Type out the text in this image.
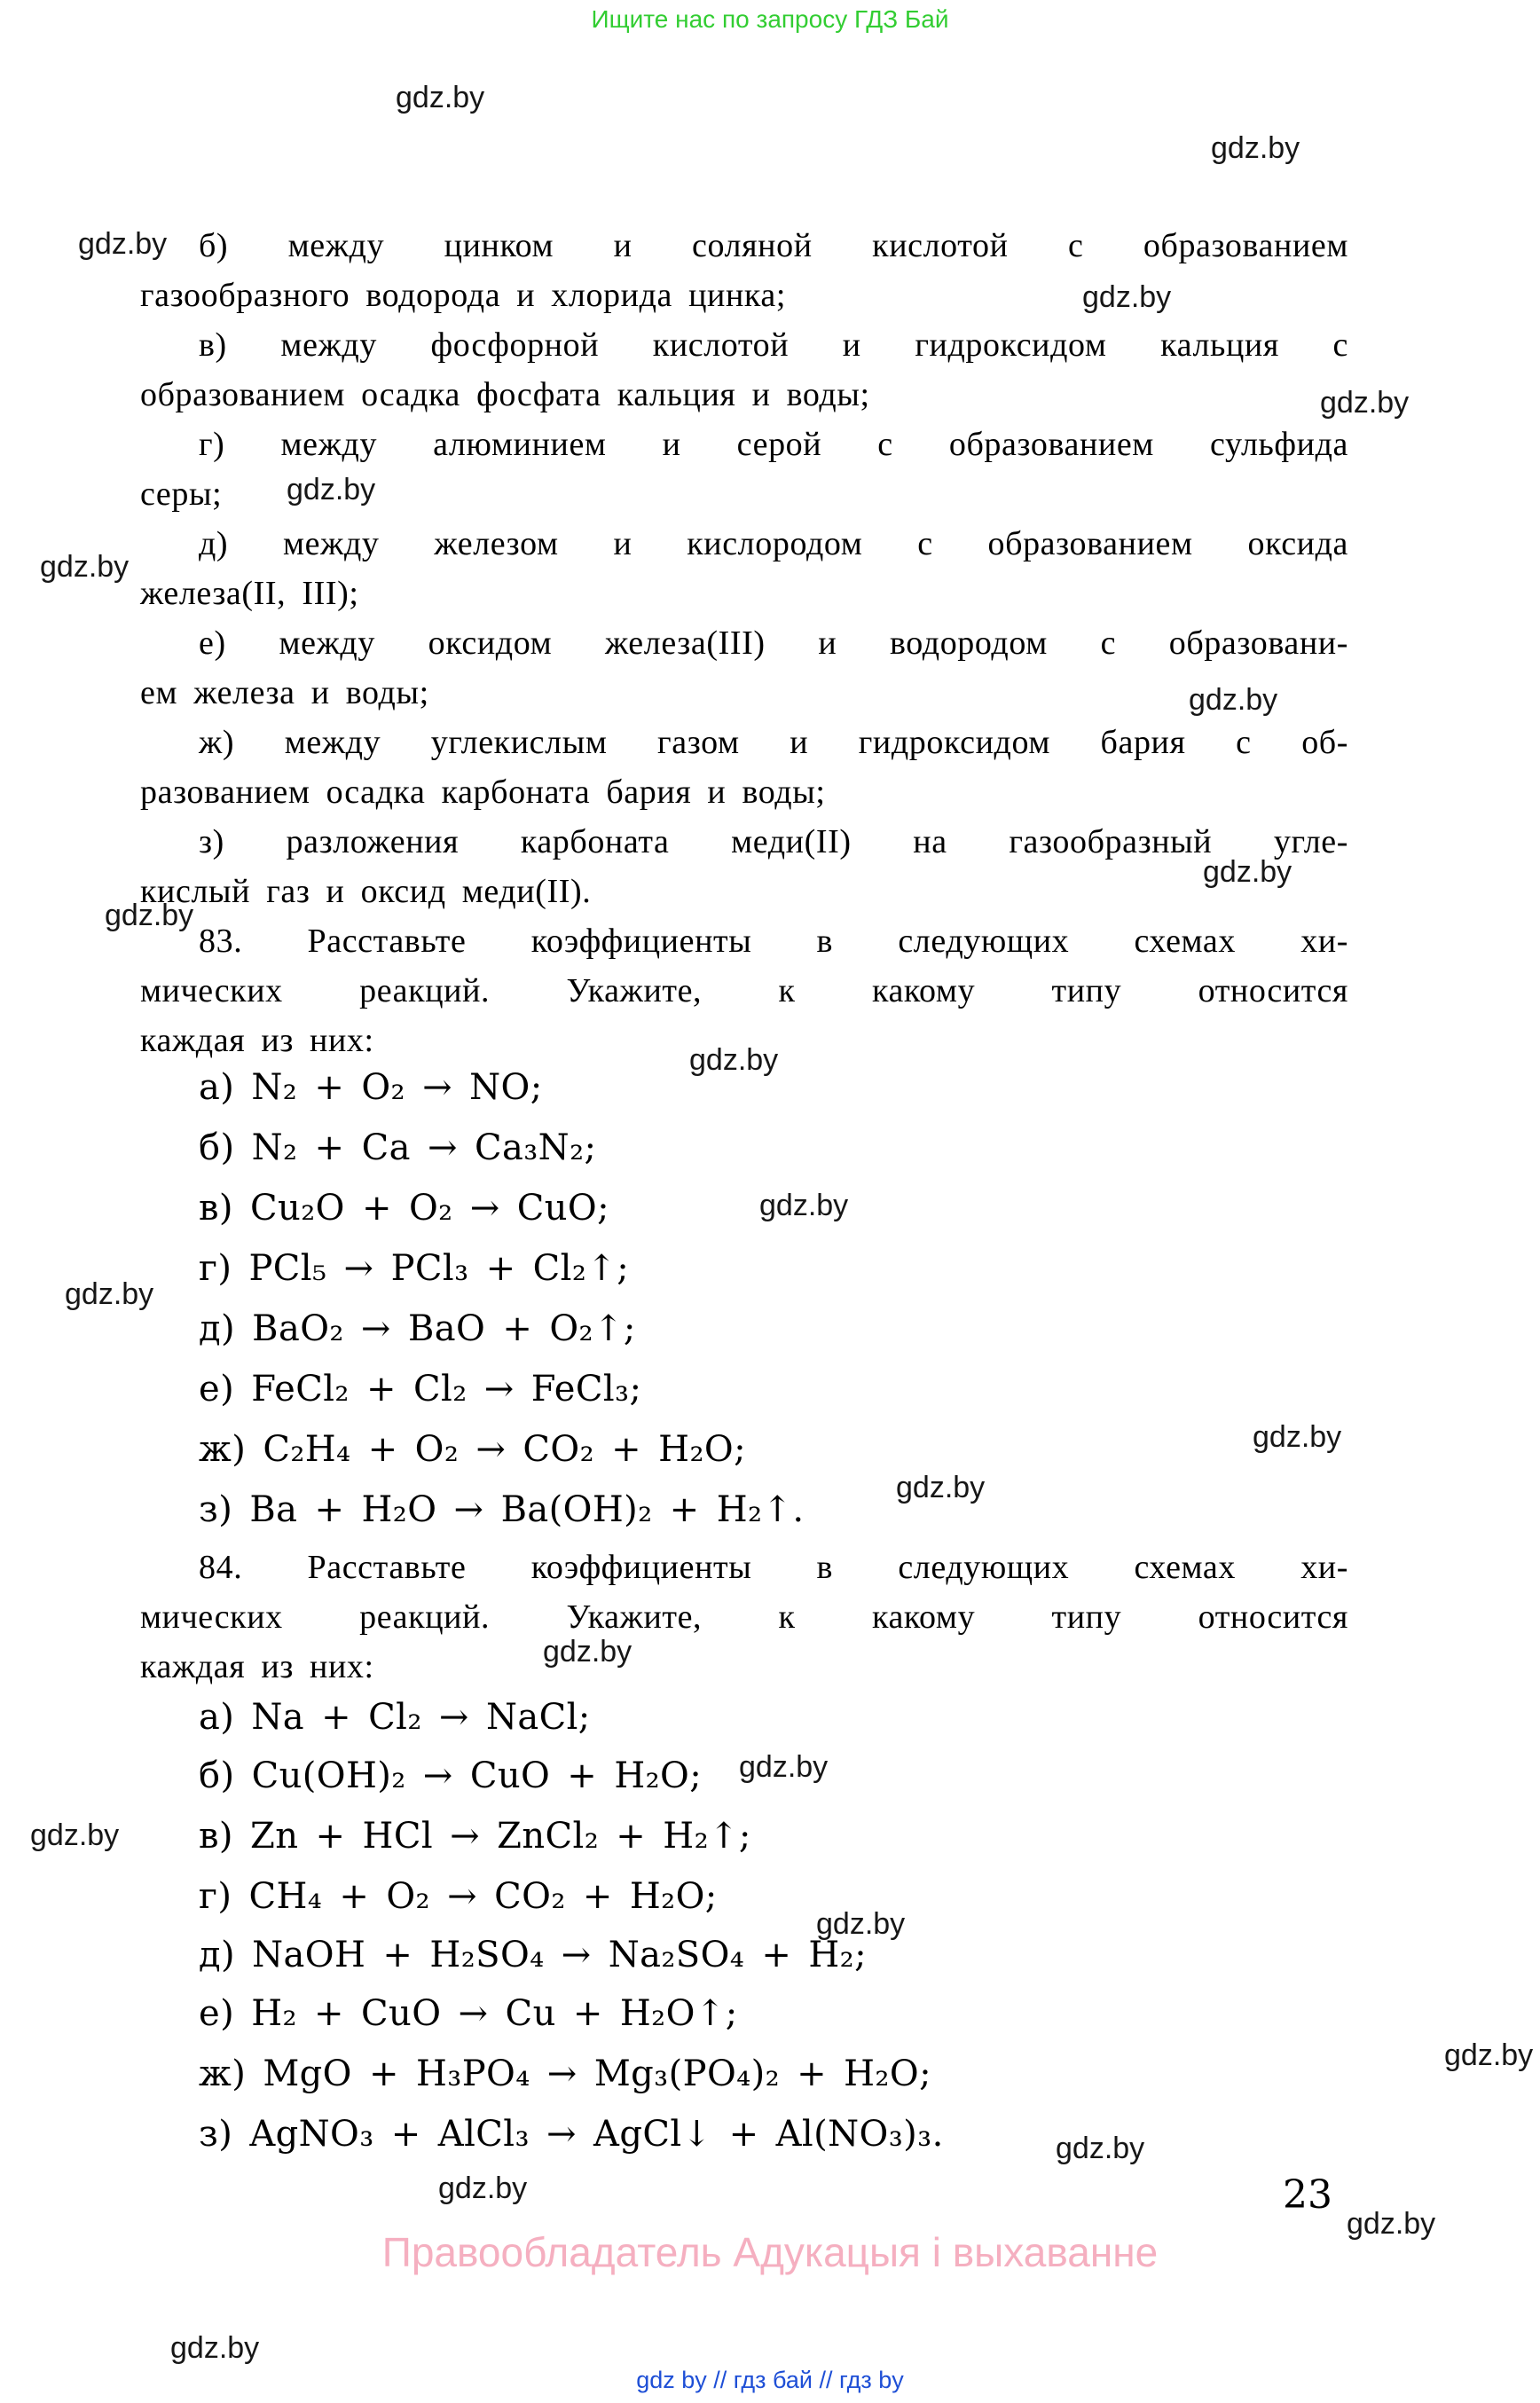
Ищите нас по запросу ГДЗ Бай
б) между цинком и соляной кислотой с образованием
газообразного водорода и хлорида цинка;
в) между фосфорной кислотой и гидроксидом кальция с
образованием осадка фосфата кальция и воды;
г) между алюминием и серой с образованием сульфида
серы;
д) между железом и кислородом с образованием оксида
железа(II, III);
е) между оксидом железа(III) и водородом с образовани-
ем железа и воды;
ж) между углекислым газом и гидроксидом бария с об-
разованием осадка карбоната бария и воды;
з) разложения карбоната меди(II) на газообразный угле-
кислый газ и оксид меди(II).
83. Расставьте коэффициенты в следующих схемах хи-
мических реакций. Укажите, к какому типу относится
каждая из них:
а) N₂ + O₂ → NO;
б) N₂ + Ca → Ca₃N₂;
в) Cu₂O + O₂ → CuO;
г) PCl₅ → PCl₃ + Cl₂↑;
д) BaO₂ → BaO + O₂↑;
е) FeCl₂ + Cl₂ → FeCl₃;
ж) C₂H₄ + O₂ → CO₂ + H₂O;
з) Ba + H₂O → Ba(OH)₂ + H₂↑.
84. Расставьте коэффициенты в следующих схемах хи-
мических реакций. Укажите, к какому типу относится
каждая из них:
а) Na + Cl₂ → NaCl;
б) Cu(OH)₂ → CuO + H₂O;
в) Zn + HCl → ZnCl₂ + H₂↑;
г) CH₄ + O₂ → CO₂ + H₂O;
д) NaOH + H₂SO₄ → Na₂SO₄ + H₂;
е) H₂ + CuO → Cu + H₂O↑;
ж) MgO + H₃PO₄ → Mg₃(PO₄)₂ + H₂O;
з) AgNO₃ + AlCl₃ → AgCl↓ + Al(NO₃)₃.
gdz.by
gdz.by
gdz.by
gdz.by
gdz.by
gdz.by
gdz.by
gdz.by
gdz.by
gdz.by
gdz.by
gdz.by
gdz.by
gdz.by
gdz.by
gdz.by
gdz.by
gdz.by
gdz.by
gdz.by
gdz.by
gdz.by
gdz.by
gdz.by
23
Правообладатель Адукацыя і выхаванне
gdz by // гдз бай // гдз by
